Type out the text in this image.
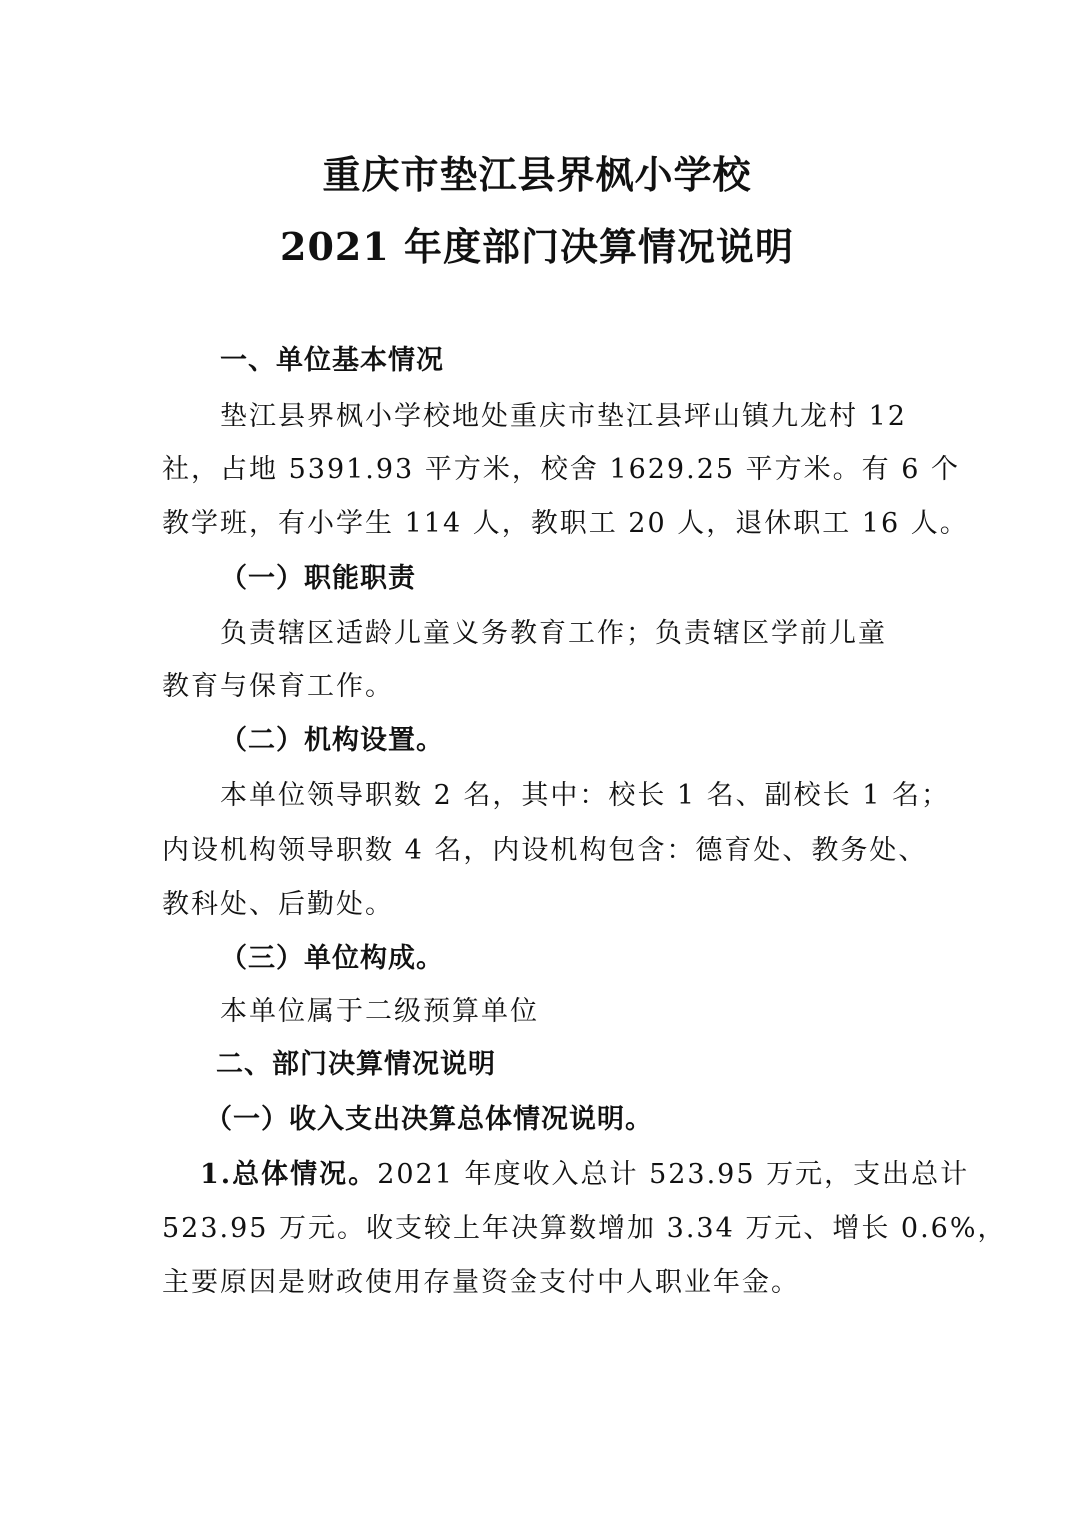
重庆市垫江县界枫小学校
2021 年度部门决算情况说明
一、单位基本情况
垫江县界枫小学校地处重庆市垫江县坪山镇九龙村 12
社，占地 5391.93 平方米，校舍 1629.25 平方米。有 6 个
教学班，有小学生 114 人，教职工 20 人，退休职工 16 人。
（一）职能职责
负责辖区适龄儿童义务教育工作；负责辖区学前儿童
教育与保育工作。
（二）机构设置。
本单位领导职数 2 名，其中：校长 1 名、副校长 1 名；
内设机构领导职数 4 名，内设机构包含：德育处、教务处、
教科处、后勤处。
（三）单位构成。
本单位属于二级预算单位
二、部门决算情况说明
（一）收入支出决算总体情况说明。
1.总体情况。2021 年度收入总计 523.95 万元，支出总计
523.95 万元。收支较上年决算数增加 3.34 万元、增长 0.6%，
主要原因是财政使用存量资金支付中人职业年金。
